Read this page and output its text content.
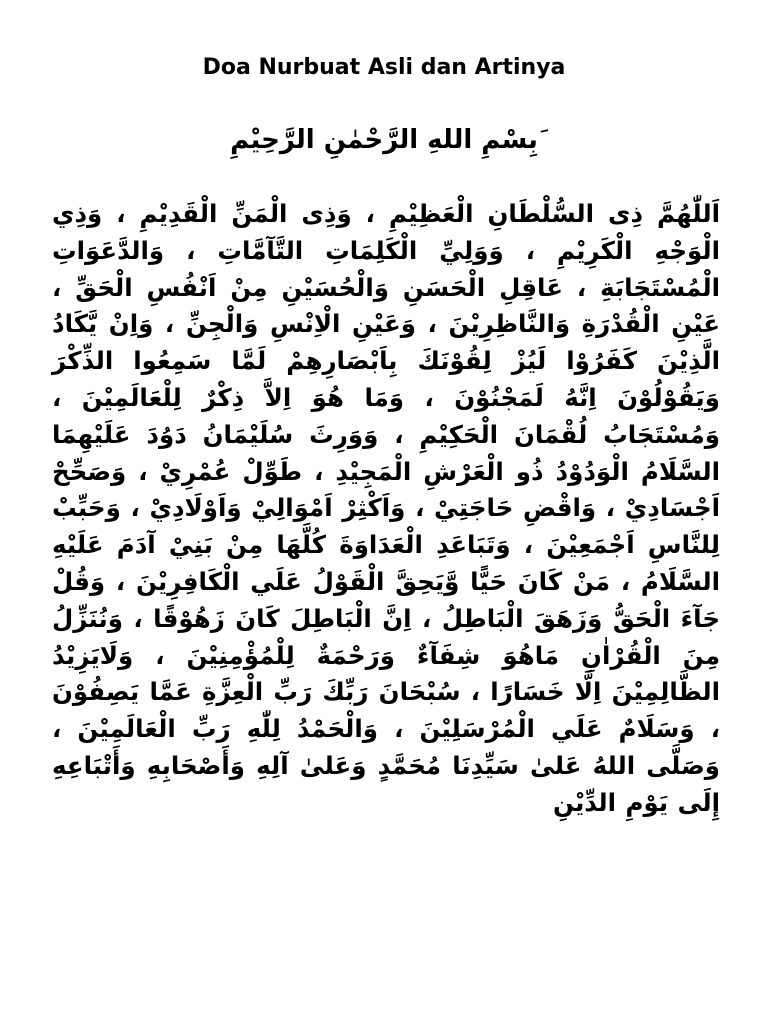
Doa Nurbuat Asli dan Artinya
َبِسْمِ اللهِ الرَّحْمٰنِ الرَّحِيْمِ
اَللّٰهُمَّ ذِى السُّلْطَانِ الْعَظِيْمِ ، وَذِى الْمَنِّ الْقَدِيْمِ ، وَذِي الْوَجْهِ الْكَرِيْمِ ، وَوَلِيِّ الْكَلِمَاتِ التَّآمَّاتِ ، وَالدَّعَوَاتِ الْمُسْتَجَابَةِ ، عَاقِلِ الْحَسَنِ وَالْحُسَيْنِ مِنْ اَنْفُسِ الْحَقِّ ، عَيْنِ الْقُدْرَةِ وَالنَّاظِرِيْنَ ، وَعَيْنِ الْاِنْسِ وَالْجِنِّ ، وَاِنْ يَّكَادُ الَّذِيْنَ كَفَرُوْا لَيُزْ لِقُوْنَكَ بِاَبْصَارِهِمْ لَمَّا سَمِعُوا الذِّكْرَ وَيَقُوْلُوْنَ اِنَّهُ لَمَجْنُوْنَ ، وَمَا هُوَ اِلاَّ ذِكْرٌ لِلْعَالَمِيْنَ ، وَمُسْتَجَابُ لُقْمَانَ الْحَكِيْمِ ، وَوَرِثَ سُلَيْمَانُ دَوُدَ عَلَيْهِمَا السَّلَامُ الْوَدُوْدُ ذُو الْعَرْشِ الْمَجِيْدِ ، طَوِّلْ عُمْرِيْ ، وَصَحِّحْ اَجْسَادِيْ ، وَاقْضِ حَاجَتِيْ ، وَاَكْثِرْ اَمْوَالِيْ وَاَوْلَادِيْ ، وَحَبِّبْ لِلنَّاسِ اَجْمَعِيْنَ ، وَتَبَاعَدِ الْعَدَاوَةَ كُلَّهَا مِنْ بَنِيْ آدَمَ عَلَيْهِ السَّلَامُ ، مَنْ كَانَ حَيًّا وَّيَحِقَّ الْقَوْلُ عَلَي الْكَافِرِيْنَ ، وَقُلْ جَآءَ الْحَقُّ وَزَهَقَ الْبَاطِلُ ، اِنَّ الْبَاطِلَ كَانَ زَهُوْقًا ، وَنُنَزِّلُ مِنَ الْقُرْاٰنِ مَاهُوَ شِفَآءٌ وَرَحْمَةٌ لِلْمُؤْمِنِيْنَ ، وَلَايَزِيْدُ الظَّالِمِيْنَ اِلَّا خَسَارًا ، سُبْحَانَ رَبِّكَ رَبِّ الْعِزَّةِ عَمَّا يَصِفُوْنَ ، وَسَلَامٌ عَلَي الْمُرْسَلِيْنَ ، وَالْحَمْدُ لِلّٰهِ رَبِّ الْعَالَمِيْنَ ، وَصَلَّى اللهُ عَلىٰ سَيِّدِنَا مُحَمَّدٍ وَعَلىٰ آلِهِ وَأَصْحَابِهِ وَأَتْبَاعِهِ إِلَى يَوْمِ الدِّيْنِ
